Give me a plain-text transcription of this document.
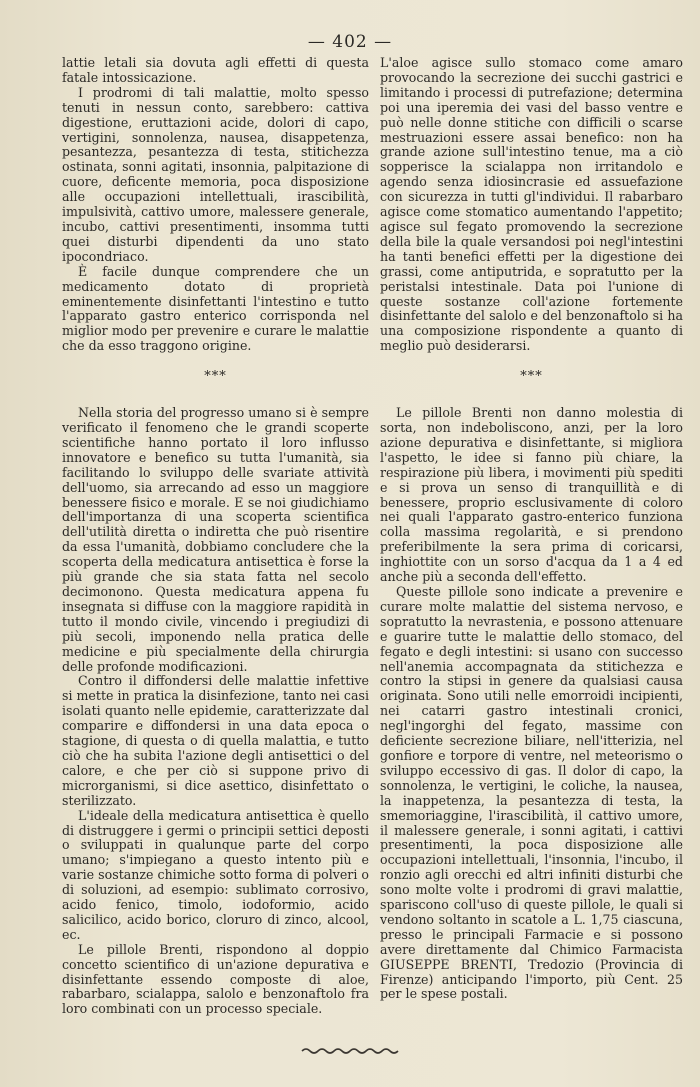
— 402 —

lattie letali sia dovuta agli effetti di questa fatale intossicazione.

I prodromi di tali malattie, molto spesso tenuti in nessun conto, sarebbero: cattiva digestione, eruttazioni acide, dolori di capo, vertigini, sonnolenza, nausea, disappetenza, pesantezza, pesantezza di testa, stitichezza ostinata, sonni agitati, insonnia, palpitazione di cuore, deficente memoria, poca disposizione alle occupazioni intellettuali, irascibilità, impulsività, cattivo umore, malessere generale, incubo, cattivi presentimenti, insomma tutti quei disturbi dipendenti da uno stato ipocondriaco.

È facile dunque comprendere che un medicamento dotato di proprietà eminentemente disinfettanti l'intestino e tutto l'apparato gastro enterico corrisponda nel miglior modo per prevenire e curare le malattie che da esso traggono origine.

***

Nella storia del progresso umano si è sempre verificato il fenomeno che le grandi scoperte scientifiche hanno portato il loro influsso innovatore e benefico su tutta l'umanità, sia facilitando lo sviluppo delle svariate attività dell'uomo, sia arrecando ad esso un maggiore benessere fisico e morale. E se noi giudichiamo dell'importanza di una scoperta scientifica dell'utilità diretta o indiretta che può risentire da essa l'umanità, dobbiamo concludere che la scoperta della medicatura antisettica è forse la più grande che sia stata fatta nel secolo decimonono. Questa medicatura appena fu insegnata si diffuse con la maggiore rapidità in tutto il mondo civile, vincendo i pregiudizi di più secoli, imponendo nella pratica delle medicine e più specialmente della chirurgia delle profonde modificazioni.

Contro il diffondersi delle malattie infettive si mette in pratica la disinfezione, tanto nei casi isolati quanto nelle epidemie, caratterizzate dal comparire e diffondersi in una data epoca o stagione, di questa o di quella malattia, e tutto ciò che ha subita l'azione degli antisettici o del calore, e che per ciò si suppone privo di microrganismi, si dice asettico, disinfettato o sterilizzato.

L'ideale della medicatura antisettica è quello di distruggere i germi o principii settici deposti o sviluppati in qualunque parte del corpo umano; s'impiegano a questo intento più e varie sostanze chimiche sotto forma di polveri o di soluzioni, ad esempio: sublimato corrosivo, acido fenico, timolo, iodoformio, acido salicilico, acido borico, cloruro di zinco, alcool, ec.

Le pillole Brenti, rispondono al doppio concetto scientifico di un'azione depurativa e disinfettante essendo composte di aloe, rabarbaro, scialappa, salolo e benzonaftolo fra loro combinati con un processo speciale.

L'aloe agisce sullo stomaco come amaro provocando la secrezione dei succhi gastrici e limitando i processi di putrefazione; determina poi una iperemia dei vasi del basso ventre e può nelle donne stitiche con difficili o scarse mestruazioni essere assai benefico: non ha grande azione sull'intestino tenue, ma a ciò sopperisce la scialappa non irritandolo e agendo senza idiosincrasie ed assuefazione con sicurezza in tutti gl'individui. Il rabarbaro agisce come stomatico aumentando l'appetito; agisce sul fegato promovendo la secrezione della bile la quale versandosi poi negl'intestini ha tanti benefici effetti per la digestione dei grassi, come antiputrida, e sopratutto per la peristalsi intestinale. Data poi l'unione di queste sostanze coll'azione fortemente disinfettante del salolo e del benzonaftolo si ha una composizione rispondente a quanto di meglio può desiderarsi.

***

Le pillole Brenti non danno molestia di sorta, non indeboliscono, anzi, per la loro azione depurativa e disinfettante, si migliora l'aspetto, le idee si fanno più chiare, la respirazione più libera, i movimenti più spediti e si prova un senso di tranquillità e di benessere, proprio esclusivamente di coloro nei quali l'apparato gastro-enterico funziona colla massima regolarità, e si prendono preferibilmente la sera prima di coricarsi, inghiottite con un sorso d'acqua da 1 a 4 ed anche più a seconda dell'effetto.

Queste pillole sono indicate a prevenire e curare molte malattie del sistema nervoso, e sopratutto la nevrastenia, e possono attenuare e guarire tutte le malattie dello stomaco, del fegato e degli intestini: si usano con successo nell'anemia accompagnata da stitichezza e contro la stipsi in genere da qualsiasi causa originata. Sono utili nelle emorroidi incipienti, nei catarri gastro intestinali cronici, negl'ingorghi del fegato, massime con deficiente secrezione biliare, nell'itterizia, nel gonfiore e torpore di ventre, nel meteorismo o sviluppo eccessivo di gas. Il dolor di capo, la sonnolenza, le vertigini, le coliche, la nausea, la inappetenza, la pesantezza di testa, la smemoriaggine, l'irascibilità, il cattivo umore, il malessere generale, i sonni agitati, i cattivi presentimenti, la poca disposizione alle occupazioni intellettuali, l'insonnia, l'incubo, il ronzio agli orecchi ed altri infiniti disturbi che sono molte volte i prodromi di gravi malattie, spariscono coll'uso di queste pillole, le quali si vendono soltanto in scatole a L. 1,75 ciascuna, presso le principali Farmacie e si possono avere direttamente dal Chimico Farmacista GIUSEPPE BRENTI, Tredozio (Provincia di Firenze) anticipando l'importo, più Cent. 25 per le spese postali.
